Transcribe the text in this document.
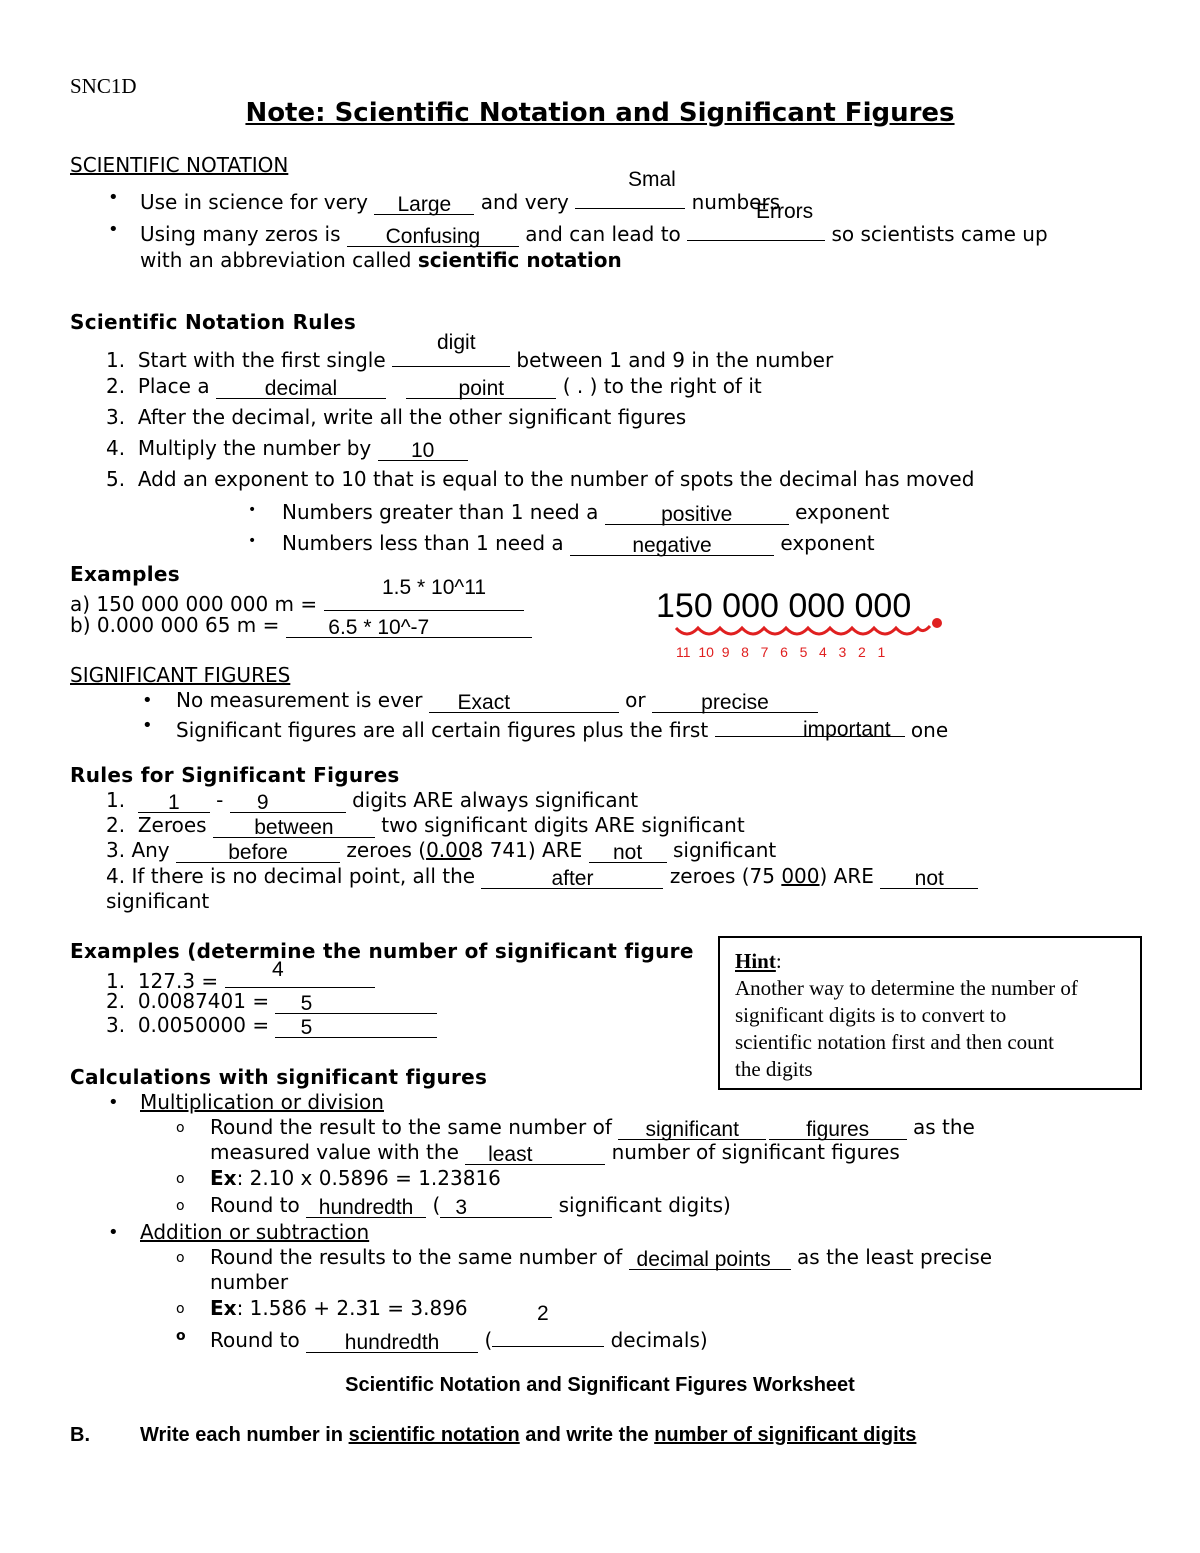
SNC1D
Note: Scientific Notation and Significant Figures
SCIENTIFIC NOTATION
• Use in science for very Large and very	numbers
Smal
• Using many zeros is Confusing and can lead to	so scientists came up
Errors
with an abbreviation called scientific notation
Scientific Notation Rules
1. Start with the first single	between 1 and 9 in the number
digit
2. Place a	decimal	point	( . ) to the right of it
3. After the decimal, write all the other significant figures
4. Multiply the number by 10
5. Add an exponent to 10 that is equal to the number of spots the decimal has moved
• Numbers greater than 1 need a	positive	exponent
• Numbers less than 1 need a	negative	exponent
Examples
a) 150 000 000 000 m =
1.5 * 10^11
b) 0.000 000 65 m = 6.5 * 10^-7
150 000 000 000
11 10 9 8 7 6 5 4 3 2 1
SIGNIFICANT FIGURES
• No measurement is ever Exact	or	precise
• Significant figures are all certain figures plus the first	one
important
Rules for Significant Figures
1. 1 - 9	digits ARE always significant
2. Zeroes between two significant digits ARE significant
3. Any	before	zeroes (0.008 741) ARE not significant
4. If there is no decimal point, all the	after	zeroes (75 000) ARE not
significant
Examples (determine the number of significant figure
1. 127.3 =	4
2. 0.0087401 = 5
3. 0.0050000 = 5
Hint:
Another way to determine the number of
significant digits is to convert to
scientific notation first and then count
the digits
Calculations with significant figures
• Multiplication or division
o Round the result to the same number of significant	figures as the
measured value with the least	number of significant figures
o Ex: 2.10 x 0.5896 = 1.23816
o Round to hundredth ( 3	significant digits)
• Addition or subtraction
o Round the results to the same number of decimal points as the least precise
number
o Ex: 1.586 + 2.31 = 3.896
o Round to hundredth (	decimals)
2
Scientific Notation and Significant Figures Worksheet
B.	Write each number in scientific notation and write the number of significant digits
